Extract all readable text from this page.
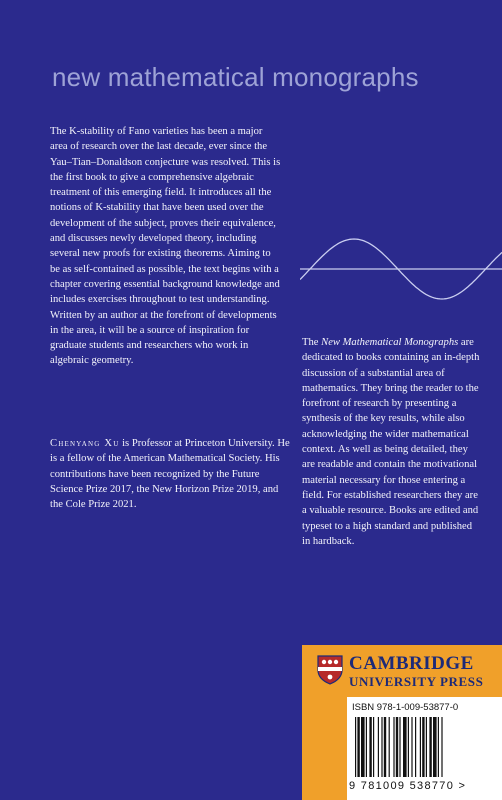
new mathematical monographs
The K-stability of Fano varieties has been a major area of research over the last decade, ever since the Yau–Tian–Donaldson conjecture was resolved. This is the first book to give a comprehensive algebraic treatment of this emerging field. It introduces all the notions of K-stability that have been used over the development of the subject, proves their equivalence, and discusses newly developed theory, including several new proofs for existing theorems. Aiming to be as self-contained as possible, the text begins with a chapter covering essential background knowledge and includes exercises throughout to test understanding. Written by an author at the forefront of developments in the area, it will be a source of inspiration for graduate students and researchers who work in algebraic geometry.
Chenyang Xu is Professor at Princeton University. He is a fellow of the American Mathematical Society. His contributions have been recognized by the Future Science Prize 2017, the New Horizon Prize 2019, and the Cole Prize 2021.
The New Mathematical Monographs are dedicated to books containing an in-depth discussion of a substantial area of mathematics. They bring the reader to the forefront of research by presenting a synthesis of the key results, while also acknowledging the wider mathematical context. As well as being detailed, they are readable and contain the motivational material necessary for those entering a field. For established researchers they are a valuable resource. Books are edited and typeset to a high standard and published in hardback.
CAMBRIDGE
UNIVERSITY PRESS
ISBN 978-1-009-53877-0
9 781009 538770 >
